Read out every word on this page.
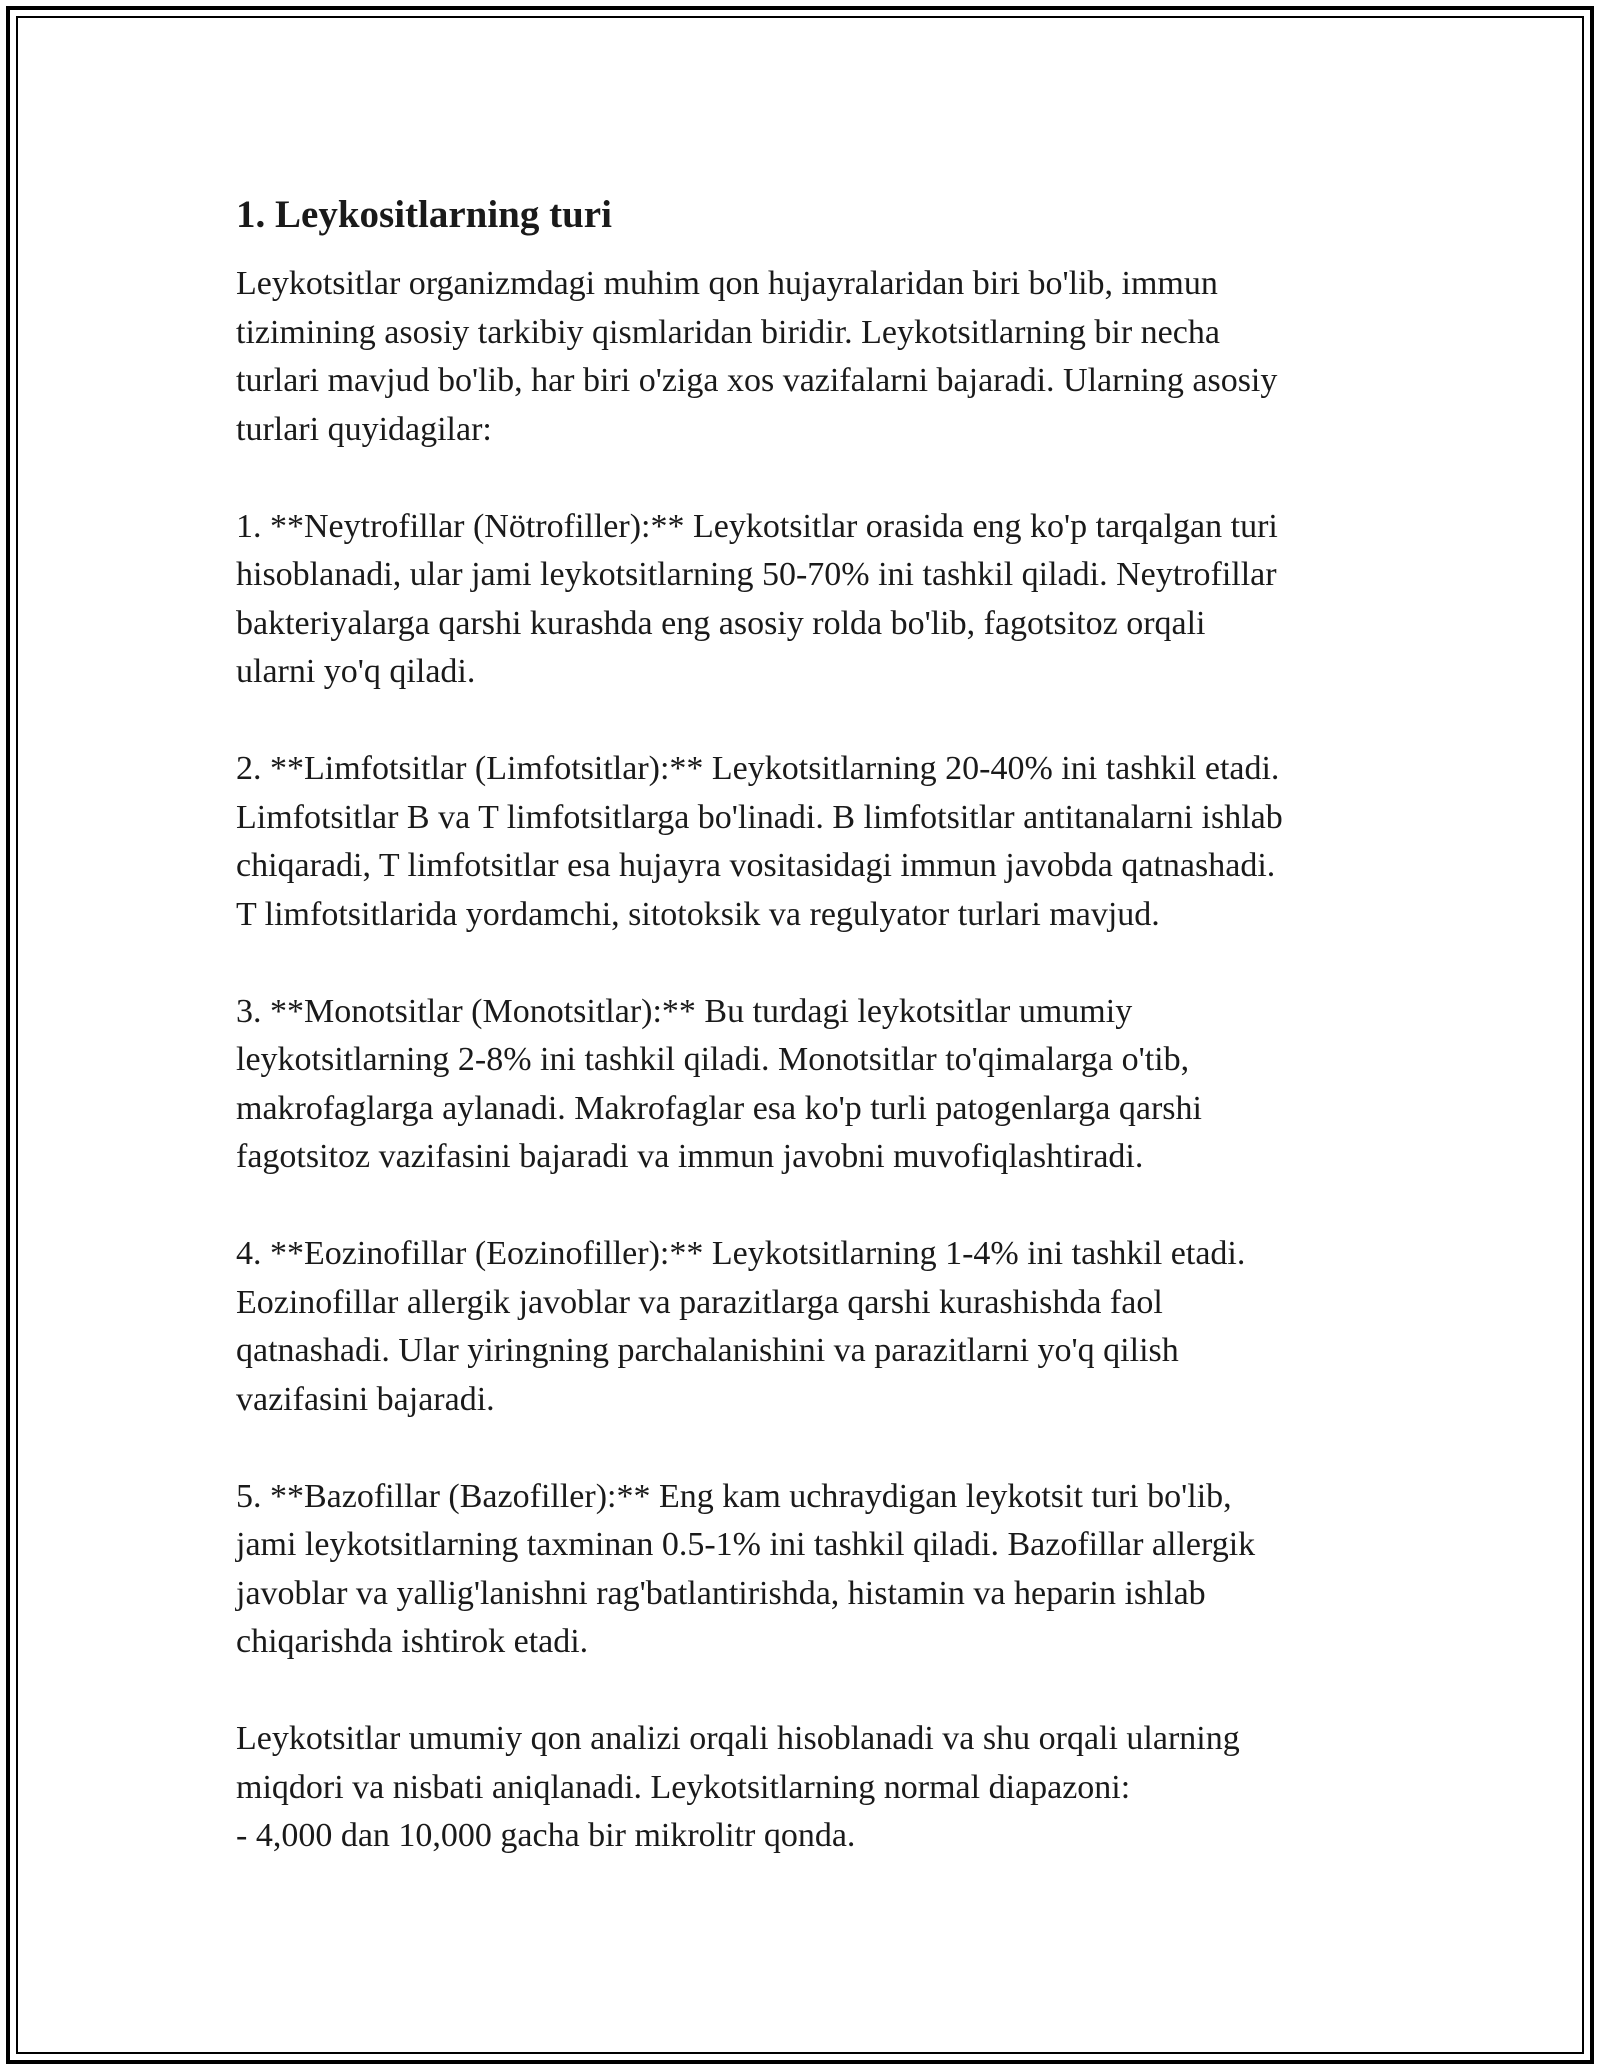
1. Leykositlarning turi

Leykotsitlar organizmdagi muhim qon hujayralaridan biri bo'lib, immun
tizimining asosiy tarkibiy qismlaridan biridir. Leykotsitlarning bir necha
turlari mavjud bo'lib, har biri o'ziga xos vazifalarni bajaradi. Ularning asosiy
turlari quyidagilar:

1. **Neytrofillar (Nötrofiller):** Leykotsitlar orasida eng ko'p tarqalgan turi
hisoblanadi, ular jami leykotsitlarning 50-70% ini tashkil qiladi. Neytrofillar
bakteriyalarga qarshi kurashda eng asosiy rolda bo'lib, fagotsitoz orqali
ularni yo'q qiladi.

2. **Limfotsitlar (Limfotsitlar):** Leykotsitlarning 20-40% ini tashkil etadi.
Limfotsitlar B va T limfotsitlarga bo'linadi. B limfotsitlar antitanalarni ishlab
chiqaradi, T limfotsitlar esa hujayra vositasidagi immun javobda qatnashadi.
T limfotsitlarida yordamchi, sitotoksik va regulyator turlari mavjud.

3. **Monotsitlar (Monotsitlar):** Bu turdagi leykotsitlar umumiy
leykotsitlarning 2-8% ini tashkil qiladi. Monotsitlar to'qimalarga o'tib,
makrofaglarga aylanadi. Makrofaglar esa ko'p turli patogenlarga qarshi
fagotsitoz vazifasini bajaradi va immun javobni muvofiqlashtiradi.

4. **Eozinofillar (Eozinofiller):** Leykotsitlarning 1-4% ini tashkil etadi.
Eozinofillar allergik javoblar va parazitlarga qarshi kurashishda faol
qatnashadi. Ular yiringning parchalanishini va parazitlarni yo'q qilish
vazifasini bajaradi.

5. **Bazofillar (Bazofiller):** Eng kam uchraydigan leykotsit turi bo'lib,
jami leykotsitlarning taxminan 0.5-1% ini tashkil qiladi. Bazofillar allergik
javoblar va yallig'lanishni rag'batlantirishda, histamin va heparin ishlab
chiqarishda ishtirok etadi.

Leykotsitlar umumiy qon analizi orqali hisoblanadi va shu orqali ularning
miqdori va nisbati aniqlanadi. Leykotsitlarning normal diapazoni:
- 4,000 dan 10,000 gacha bir mikrolitr qonda.
